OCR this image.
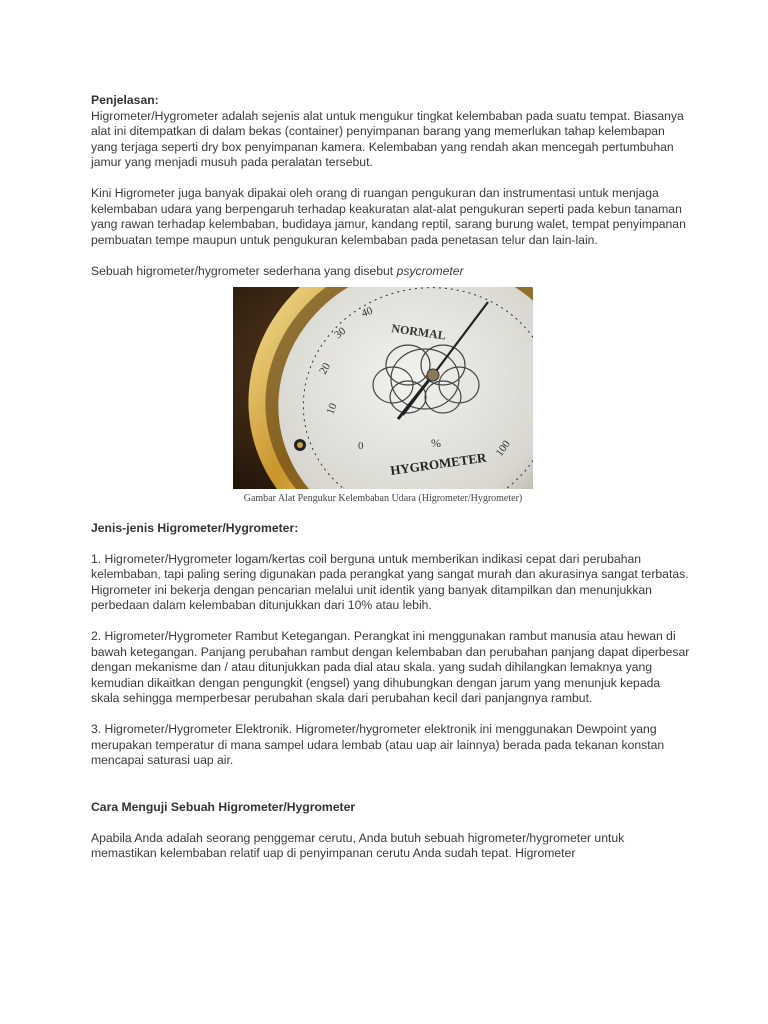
Penjelasan:

Higrometer/Hygrometer adalah sejenis alat untuk mengukur tingkat kelembaban pada suatu tempat. Biasanya alat ini ditempatkan di dalam bekas (container) penyimpanan barang yang memerlukan tahap kelembapan yang terjaga seperti dry box penyimpanan kamera. Kelembaban yang rendah akan mencegah pertumbuhan jamur yang menjadi musuh pada peralatan tersebut.

Kini Higrometer juga banyak dipakai oleh orang di ruangan pengukuran dan instrumentasi untuk menjaga kelembaban udara yang berpengaruh terhadap keakuratan alat-alat pengukuran seperti pada kebun tanaman yang rawan terhadap kelembaban, budidaya jamur, kandang reptil, sarang burung walet, tempat penyimpanan pembuatan tempe maupun untuk pengukuran kelembaban pada penetasan telur dan lain-lain.

Sebuah higrometer/hygrometer sederhana yang disebut psycrometer

NORMAL
%
HYGROMETER
0
10
20
30
40
100
Gambar Alat Pengukur Kelembaban Udara (Higrometer/Hygrometer)

Jenis-jenis Higrometer/Hygrometer:

1. Higrometer/Hygrometer logam/kertas coil berguna untuk memberikan indikasi cepat dari perubahan kelembaban, tapi paling sering digunakan pada perangkat yang sangat murah dan akurasinya sangat terbatas. Higrometer ini bekerja dengan pencarian melalui unit identik yang banyak ditampilkan dan menunjukkan perbedaan dalam kelembaban ditunjukkan dari 10% atau lebih.

2. Higrometer/Hygrometer Rambut Ketegangan. Perangkat ini menggunakan rambut manusia atau hewan di bawah ketegangan. Panjang perubahan rambut dengan kelembaban dan perubahan panjang dapat diperbesar dengan mekanisme dan / atau ditunjukkan pada dial atau skala. yang sudah dihilangkan lemaknya yang kemudian dikaitkan dengan pengungkit (engsel) yang dihubungkan dengan jarum yang menunjuk kepada skala sehingga memperbesar perubahan skala dari perubahan kecil dari panjangnya rambut.

3. Higrometer/Hygrometer Elektronik. Higrometer/hygrometer elektronik ini menggunakan Dewpoint yang merupakan temperatur di mana sampel udara lembab (atau uap air lainnya) berada pada tekanan konstan mencapai saturasi uap air.

Cara Menguji Sebuah Higrometer/Hygrometer

Apabila Anda adalah seorang penggemar cerutu, Anda butuh sebuah higrometer/hygrometer untuk memastikan kelembaban relatif uap di penyimpanan cerutu Anda sudah tepat. Higrometer
